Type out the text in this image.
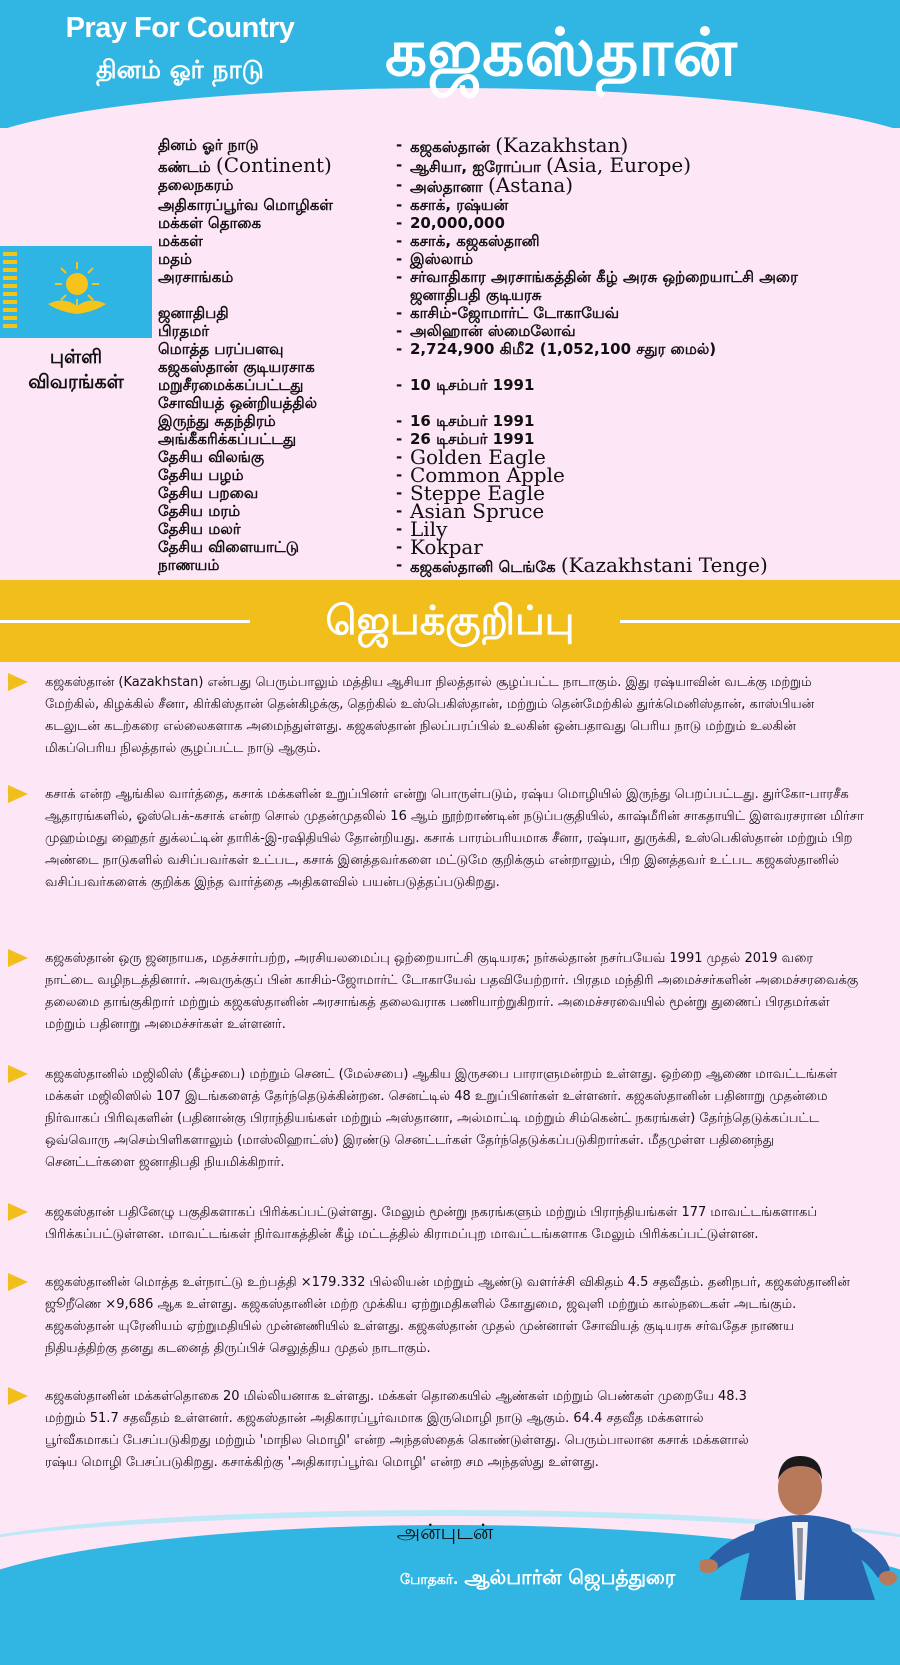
Pray For Country
தினம் ஓர் நாடு	கஜகஸ்தான்
புள்ளி விவரங்கள்
தினம் ஓர் நாடு	- கஜகஸ்தான் (Kazakhstan)
கண்டம் (Continent)	- ஆசியா, ஐரோப்பா (Asia, Europe)
தலைநகரம்	- அஸ்தானா (Astana)
அதிகாரப்பூர்வ மொழிகள்	- கசாக், ரஷ்யன்
மக்கள் தொகை	- 20,000,000
மக்கள்	- கசாக், கஜகஸ்தானி
மதம்	- இஸ்லாம்
அரசாங்கம்	- சர்வாதிகார அரசாங்கத்தின் கீழ் அரசு ஒற்றையாட்சி அரை ஜனாதிபதி குடியரசு
ஜனாதிபதி	- காசிம்-ஜோமார்ட் டோகாயேவ்
பிரதமர்	- அலிஹான் ஸ்மைலோவ்
மொத்த பரப்பளவு	- 2,724,900 கிமீ2 (1,052,100 சதுர மைல்)
கஜகஸ்தான் குடியரசாக மறுசீரமைக்கப்பட்டது	- 10 டிசம்பர் 1991
சோவியத் ஒன்றியத்தில் இருந்து சுதந்திரம்	- 16 டிசம்பர் 1991
அங்கீகரிக்கப்பட்டது	- 26 டிசம்பர் 1991
தேசிய விலங்கு	- Golden Eagle
தேசிய பழம்	- Common Apple
தேசிய பறவை	- Steppe Eagle
தேசிய மரம்	- Asian Spruce
தேசிய மலர்	- Lily
தேசிய விளையாட்டு	- Kokpar
நாணயம்	- கஜகஸ்தானி டெங்கே (Kazakhstani Tenge)
ஜெபக்குறிப்பு
கஜகஸ்தான் (Kazakhstan) என்பது பெரும்பாலும் மத்திய ஆசியா நிலத்தால் சூழப்பட்ட நாடாகும். இது ரஷ்யாவின் வடக்கு மற்றும் மேற்கில், கிழக்கில் சீனா, கிர்கிஸ்தான் தென்கிழக்கு, தெற்கில் உஸ்பெகிஸ்தான், மற்றும் தென்மேற்கில் துர்க்மெனிஸ்தான், காஸ்பியன் கடலுடன் கடற்கரை எல்லைகளாக அமைந்துள்ளது. கஜகஸ்தான் நிலப்பரப்பில் உலகின் ஒன்பதாவது பெரிய நாடு மற்றும் உலகின் மிகப்பெரிய நிலத்தால் சூழப்பட்ட நாடு ஆகும்.
கசாக் என்ற ஆங்கில வார்த்தை, கசாக் மக்களின் உறுப்பினர் என்று பொருள்படும், ரஷ்ய மொழியில் இருந்து பெறப்பட்டது. துர்கோ-பாரசீக ஆதாரங்களில், ஓஸ்பெக்-கசாக் என்ற சொல் முதன்முதலில் 16 ஆம் நூற்றாண்டின் நடுப்பகுதியில், காஷ்மீரின் சாகதாயிட் இளவரசரான மிர்சா முஹம்மது ஹைதர் துக்லட்டின் தாரிக்-இ-ரஷிதியில் தோன்றியது. கசாக் பாரம்பரியமாக சீனா, ரஷ்யா, துருக்கி, உஸ்பெகிஸ்தான் மற்றும் பிற அண்டை நாடுகளில் வசிப்பவர்கள் உட்பட, கசாக் இனத்தவர்களை மட்டுமே குறிக்கும் என்றாலும், பிற இனத்தவர் உட்பட கஜகஸ்தானில் வசிப்பவர்களைக் குறிக்க இந்த வார்த்தை அதிகளவில் பயன்படுத்தப்படுகிறது.
கஜகஸ்தான் ஒரு ஜனநாயக, மதச்சார்பற்ற, அரசியலமைப்பு ஒற்றையாட்சி குடியரசு; நர்சுல்தான் நசர்பயேவ் 1991 முதல் 2019 வரை நாட்டை வழிநடத்தினார். அவருக்குப் பின் காசிம்-ஜோமார்ட் டோகாயேவ் பதவியேற்றார். பிரதம மந்திரி அமைச்சர்களின் அமைச்சரவைக்கு தலைமை தாங்குகிறார் மற்றும் கஜகஸ்தானின் அரசாங்கத் தலைவராக பணியாற்றுகிறார். அமைச்சரவையில் மூன்று துணைப் பிரதமர்கள் மற்றும் பதினாறு அமைச்சர்கள் உள்ளனர்.
கஜகஸ்தானில் மஜிலிஸ் (கீழ்சபை) மற்றும் செனட் (மேல்சபை) ஆகிய இருசபை பாராளுமன்றம் உள்ளது. ஒற்றை ஆணை மாவட்டங்கள் மக்கள் மஜிலிஸில் 107 இடங்களைத் தேர்ந்தெடுக்கின்றன. செனட்டில் 48 உறுப்பினர்கள் உள்ளனர். கஜகஸ்தானின் பதினாறு முதன்மை நிர்வாகப் பிரிவுகளின் (பதினான்கு பிராந்தியங்கள் மற்றும் அஸ்தானா, அல்மாட்டி மற்றும் சிம்கென்ட் நகரங்கள்) தேர்ந்தெடுக்கப்பட்ட ஒவ்வொரு அசெம்பிளிகளாலும் (மாஸ்லிஹாட்ஸ்) இரண்டு செனட்டர்கள் தேர்ந்தெடுக்கப்படுகிறார்கள். மீதமுள்ள பதினைந்து செனட்டர்களை ஜனாதிபதி நியமிக்கிறார்.
கஜகஸ்தான் பதினேழு பகுதிகளாகப் பிரிக்கப்பட்டுள்ளது. மேலும் மூன்று நகரங்களும் மற்றும் பிராந்தியங்கள் 177 மாவட்டங்களாகப் பிரிக்கப்பட்டுள்ளன. மாவட்டங்கள் நிர்வாகத்தின் கீழ் மட்டத்தில் கிராமப்புற மாவட்டங்களாக மேலும் பிரிக்கப்பட்டுள்ளன.
கஜகஸ்தானின் மொத்த உள்நாட்டு உற்பத்தி ×179.332 பில்லியன் மற்றும் ஆண்டு வளர்ச்சி விகிதம் 4.5 சதவீதம். தனிநபர், கஜகஸ்தானின் ஜூறீணெ ×9,686 ஆக உள்ளது. கஜகஸ்தானின் மற்ற முக்கிய ஏற்றுமதிகளில் கோதுமை, ஜவுளி மற்றும் கால்நடைகள் அடங்கும். கஜகஸ்தான் யுரேனியம் ஏற்றுமதியில் முன்னணியில் உள்ளது. கஜகஸ்தான் முதல் முன்னாள் சோவியத் குடியரசு சர்வதேச நாணய நிதியத்திற்கு தனது கடனைத் திருப்பிச் செலுத்திய முதல் நாடாகும்.
கஜகஸ்தானின் மக்கள்தொகை 20 மில்லியனாக உள்ளது. மக்கள் தொகையில் ஆண்கள் மற்றும் பெண்கள் முறையே 48.3 மற்றும் 51.7 சதவீதம் உள்ளனர். கஜகஸ்தான் அதிகாரப்பூர்வமாக இருமொழி நாடு ஆகும். 64.4 சதவீத மக்களால் பூர்வீகமாகப் பேசப்படுகிறது மற்றும் 'மாநில மொழி' என்ற அந்தஸ்தைக் கொண்டுள்ளது. பெரும்பாலான கசாக் மக்களால் ரஷ்ய மொழி பேசப்படுகிறது. கசாக்கிற்கு 'அதிகாரப்பூர்வ மொழி' என்ற சம அந்தஸ்து உள்ளது.
அன்புடன்
போதகர். ஆல்பார்ன் ஜெபத்துரை
